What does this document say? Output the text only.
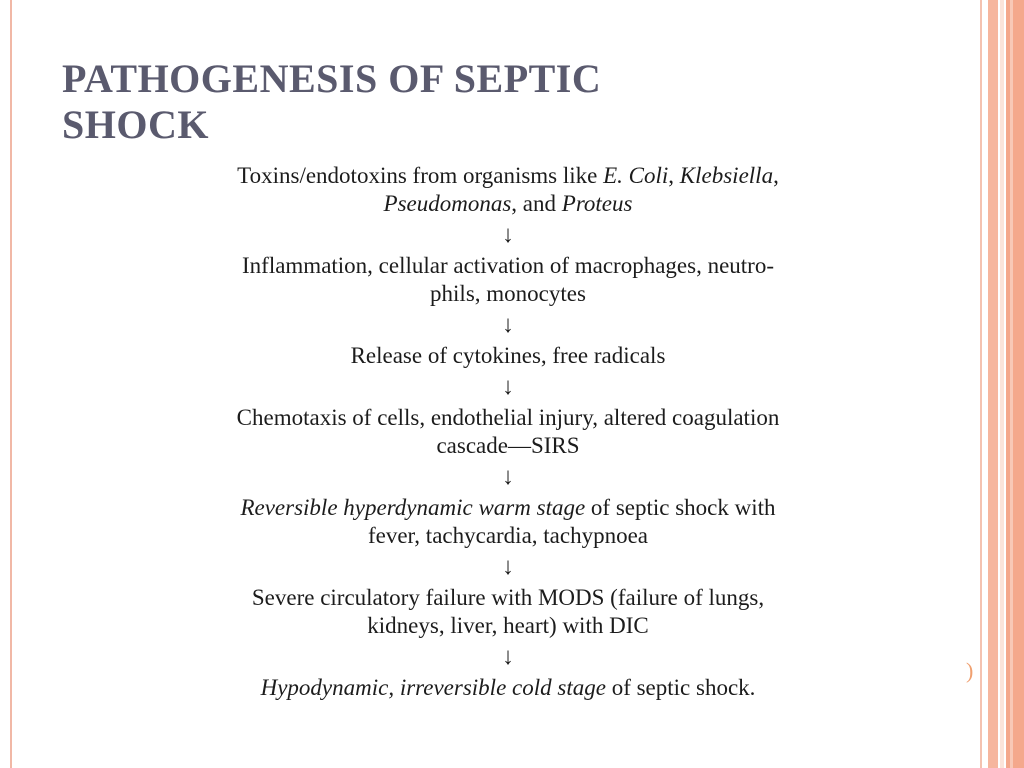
PATHOGENESIS OF SEPTIC
SHOCK

Toxins/endotoxins from organisms like E. Coli, Klebsiella,
Pseudomonas, and Proteus

↓

Inflammation, cellular activation of macrophages, neutro-
phils, monocytes

↓

Release of cytokines, free radicals

↓

Chemotaxis of cells, endothelial injury, altered coagulation
cascade—SIRS

↓

Reversible hyperdynamic warm stage of septic shock with
fever, tachycardia, tachypnoea

↓

Severe circulatory failure with MODS (failure of lungs,
kidneys, liver, heart) with DIC

↓

Hypodynamic, irreversible cold stage of septic shock.

)
